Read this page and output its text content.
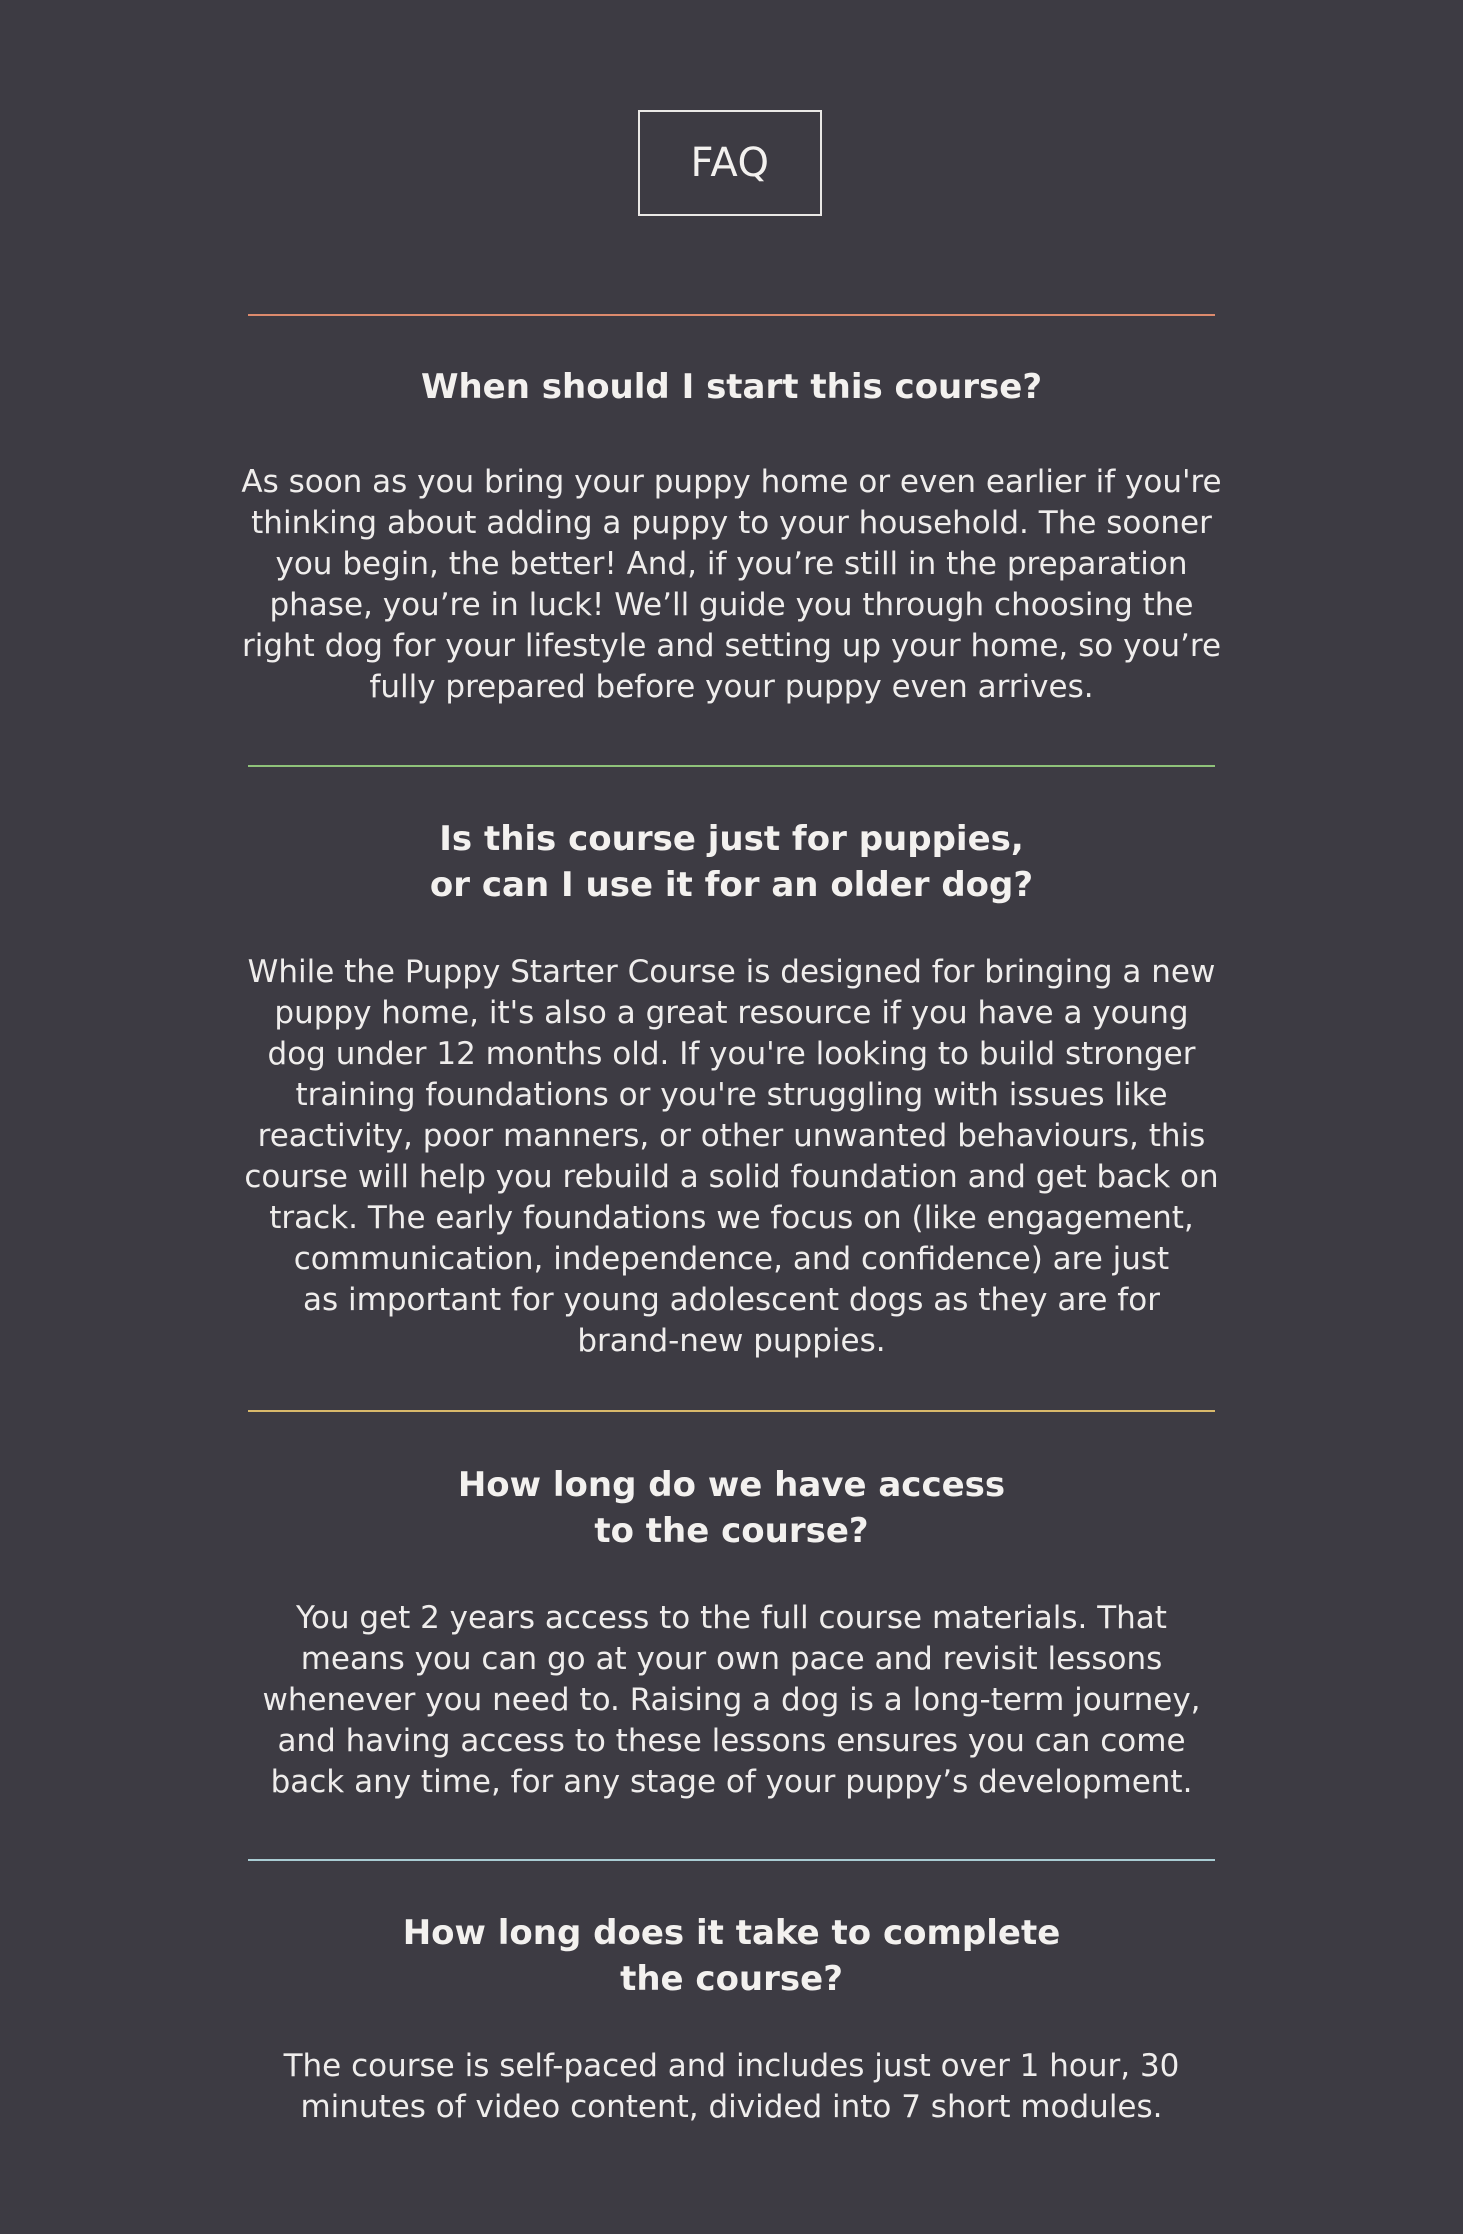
FAQ
When should I start this course?
As soon as you bring your puppy home or even earlier if you're
thinking about adding a puppy to your household. The sooner
you begin, the better! And, if you’re still in the preparation
phase, you’re in luck! We’ll guide you through choosing the
right dog for your lifestyle and setting up your home, so you’re
fully prepared before your puppy even arrives.
Is this course just for puppies,
or can I use it for an older dog?
While the Puppy Starter Course is designed for bringing a new
puppy home, it's also a great resource if you have a young
dog under 12 months old. If you're looking to build stronger
training foundations or you're struggling with issues like
reactivity, poor manners, or other unwanted behaviours, this
course will help you rebuild a solid foundation and get back on
track. The early foundations we focus on (like engagement,
communication, independence, and confidence) are just
as important for young adolescent dogs as they are for
brand-new puppies.
How long do we have access
to the course?
You get 2 years access to the full course materials. That
means you can go at your own pace and revisit lessons
whenever you need to. Raising a dog is a long-term journey,
and having access to these lessons ensures you can come
back any time, for any stage of your puppy’s development.
How long does it take to complete
the course?
The course is self-paced and includes just over 1 hour, 30
minutes of video content, divided into 7 short modules.
